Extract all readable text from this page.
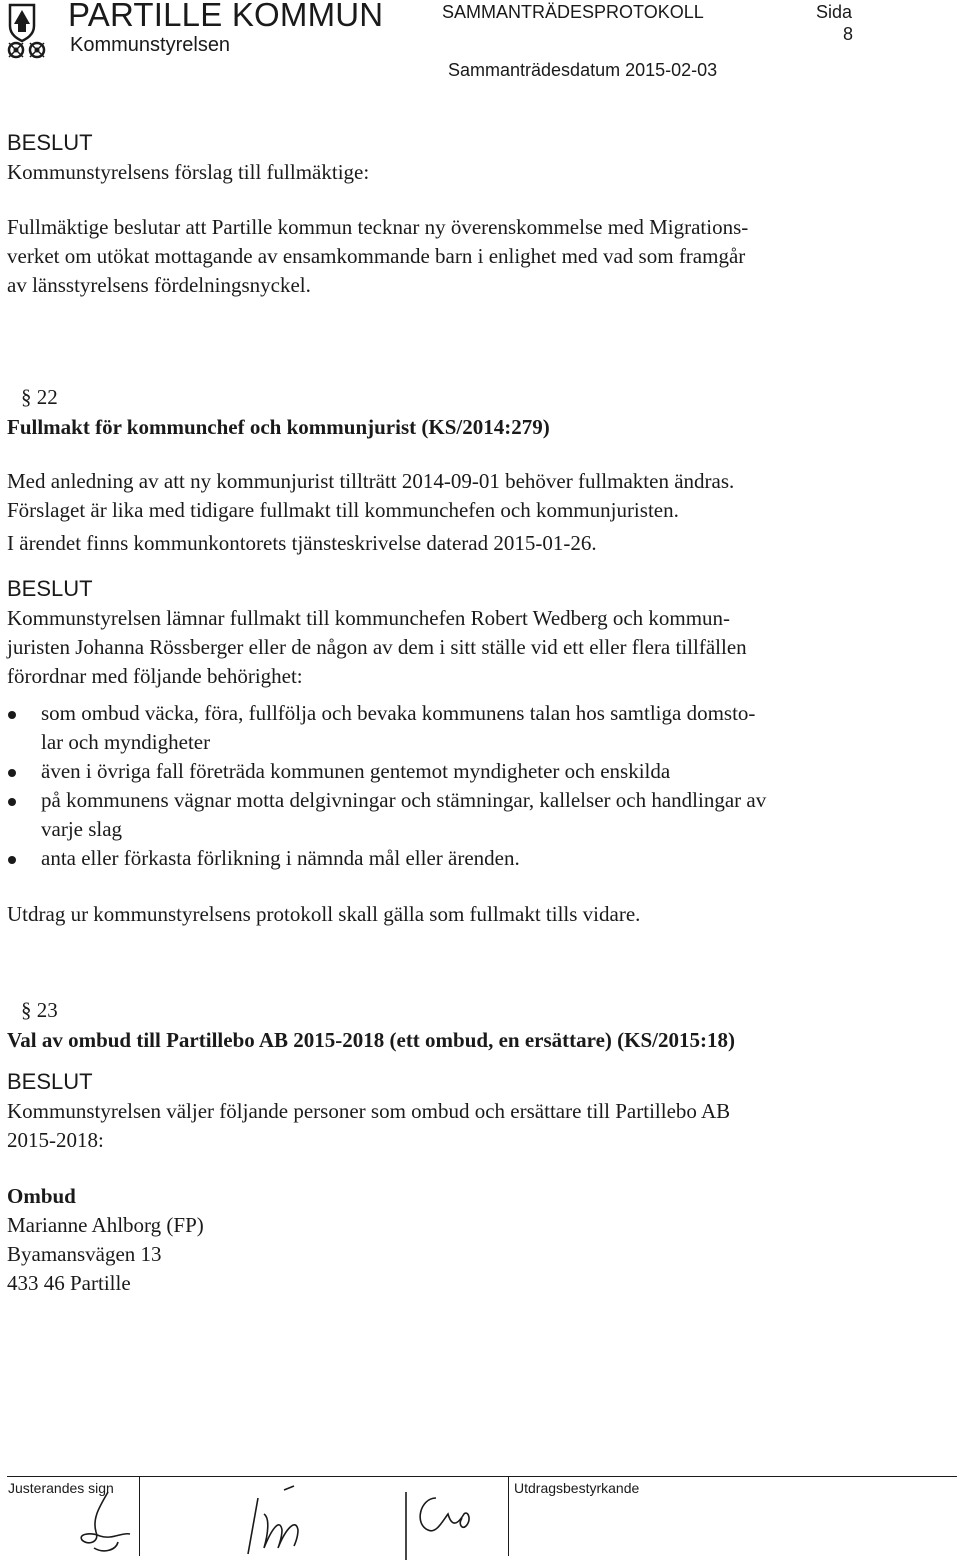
PARTILLE KOMMUN
Kommunstyrelsen
SAMMANTRÄDESPROTOKOLL	Sida
8
Sammanträdesdatum 2015-02-03
BESLUT

Kommunstyrelsens förslag till fullmäktige:

Fullmäktige beslutar att Partille kommun tecknar ny överenskommelse med Migrations-

verket om utökat mottagande av ensamkommande barn i enlighet med vad som framgår

av länsstyrelsens fördelningsnyckel.

§ 22
Fullmakt för kommunchef och kommunjurist (KS/2014:279)

Med anledning av att ny kommunjurist tillträtt 2014-09-01 behöver fullmakten ändras.

Förslaget är lika med tidigare fullmakt till kommunchefen och kommunjuristen.

I ärendet finns kommunkontorets tjänsteskrivelse daterad 2015-01-26.

BESLUT

Kommunstyrelsen lämnar fullmakt till kommunchefen Robert Wedberg och kommun-

juristen Johanna Rössberger eller de någon av dem i sitt ställe vid ett eller flera tillfällen

förordnar med följande behörighet:

som ombud väcka, föra, fullfölja och bevaka kommunens talan hos samtliga domsto-
lar och myndigheter
även i övriga fall företräda kommunen gentemot myndigheter och enskilda
på kommunens vägnar motta delgivningar och stämningar, kallelser och handlingar av
varje slag
anta eller förkasta förlikning i nämnda mål eller ärenden.

Utdrag ur kommunstyrelsens protokoll skall gälla som fullmakt tills vidare.

§ 23
Val av ombud till Partillebo AB 2015-2018 (ett ombud, en ersättare) (KS/2015:18)
BESLUT

Kommunstyrelsen väljer följande personer som ombud och ersättare till Partillebo AB

2015-2018:

Ombud

Marianne Ahlborg (FP)

Byamansvägen 13

433 46 Partille

Justerandes sign	Utdragsbestyrkande
